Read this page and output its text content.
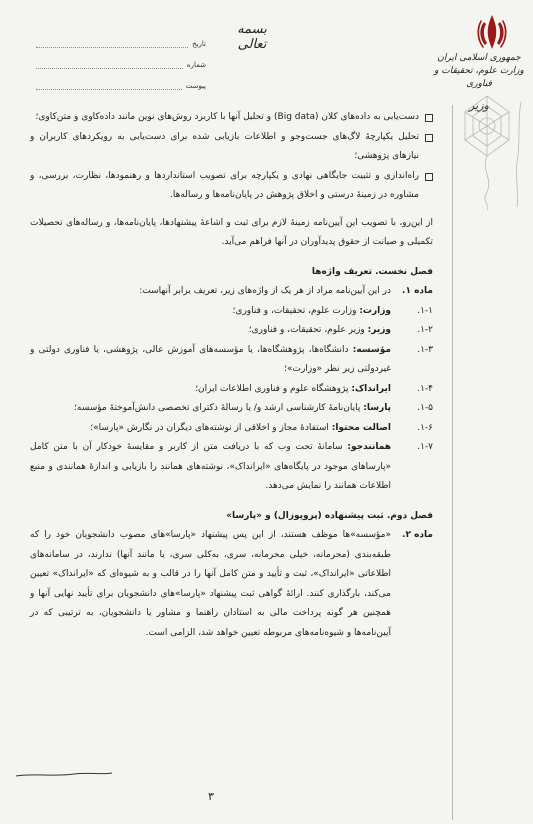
تاریخ
شماره
پیوست
بسمه تعالی
جمهوری اسلامی ایران
وزارت علوم، تحقیقات و فناوری
وزیر

دست‌یابی به داده‌های کلان (Big data) و تحلیل آنها با کاربرد روش‌های نوین مانند داده‌کاوی و متن‌کاوی؛

تحلیل یکپارچهٔ لاگ‌های جست‌وجو و اطلاعات بازیابی شده برای دست‌یابی به رویکردهای کاربران و نیازهای پژوهشی؛

راه‌اندازی و تثبیت جایگاهی نهادی و یکپارچه برای تصویب استانداردها و رهنمودها، نظارت، بررسی، و مشاوره در زمینهٔ درستی و اخلاق پژوهش در پایان‌نامه‌ها و رساله‌ها.

از این‌رو، با تصویب این آیین‌نامه زمینهٔ لازم برای ثبت و اشاعهٔ پیشنهادها، پایان‌نامه‌ها، و رساله‌های تحصیلات تکمیلی و صیانت از حقوق پدیدآوران در آنها فراهم می‌آید.

فصل نخست. تعریف واژه‌ها

ماده ۱.

در این آیین‌نامه مراد از هر یک از واژه‌های زیر، تعریف برابر آنهاست:

۱-۱.

وزارت: وزارت علوم، تحقیقات، و فناوری؛

۱-۲.

وزیر: وزیر علوم، تحقیقات، و فناوری؛

۱-۳.

مؤسسه: دانشگاه‌ها، پژوهشگاه‌ها، یا مؤسسه‌های آموزش عالی، پژوهشی، یا فناوری دولتی و غیردولتی زیر نظر «وزارت»؛

۱-۴.

ایرانداک: پژوهشگاه علوم و فناوری اطلاعات ایران؛

۱-۵.

پارسا: پایان‌نامهٔ کارشناسی ارشد و/ یا رسالهٔ دکترای تخصصی دانش‌آموختهٔ مؤسسه؛

۱-۶.

اصالت محتوا: استفادهٔ مجاز و اخلاقی از نوشته‌های دیگران در نگارش «پارسا»؛

۱-۷.

همانندجو: سامانهٔ تحت وب که با دریافت متن از کاربر و مقایسهٔ خودکار آن با متن کامل «پارساهای موجود در پایگاه‌های «ایرانداک»، نوشته‌های همانند را بازیابی و اندازهٔ همانندی و منبع اطلاعات همانند را نمایش می‌دهد.

فصل دوم. ثبت پیشنهاده (پروپوزال) و «پارسا»

ماده ۲.

«مؤسسه»ها موظف هستند، از این پس پیشنهاد «پارسا»های مصوب دانشجویان خود را که طبقه‌بندی (محرمانه، خیلی محرمانه، سری، به‌کلی سری، یا مانند آنها) ندارند، در سامانه‌های اطلاعاتی «ایرانداک»، ثبت و تأیید و متن کامل آنها را در قالب و به شیوه‌ای که «ایرانداک» تعیین می‌کند، بارگذاری کنند. ارائهٔ گواهی ثبت پیشنهاد «پارسا»های دانشجویان برای تأیید نهایی آنها و همچنین هر گونه پرداخت مالی به استادان راهنما و مشاور یا دانشجویان، به ترتیبی که در آیین‌نامه‌ها و شیوه‌نامه‌های مربوطه تعیین خواهد شد، الزامی است.

۳
